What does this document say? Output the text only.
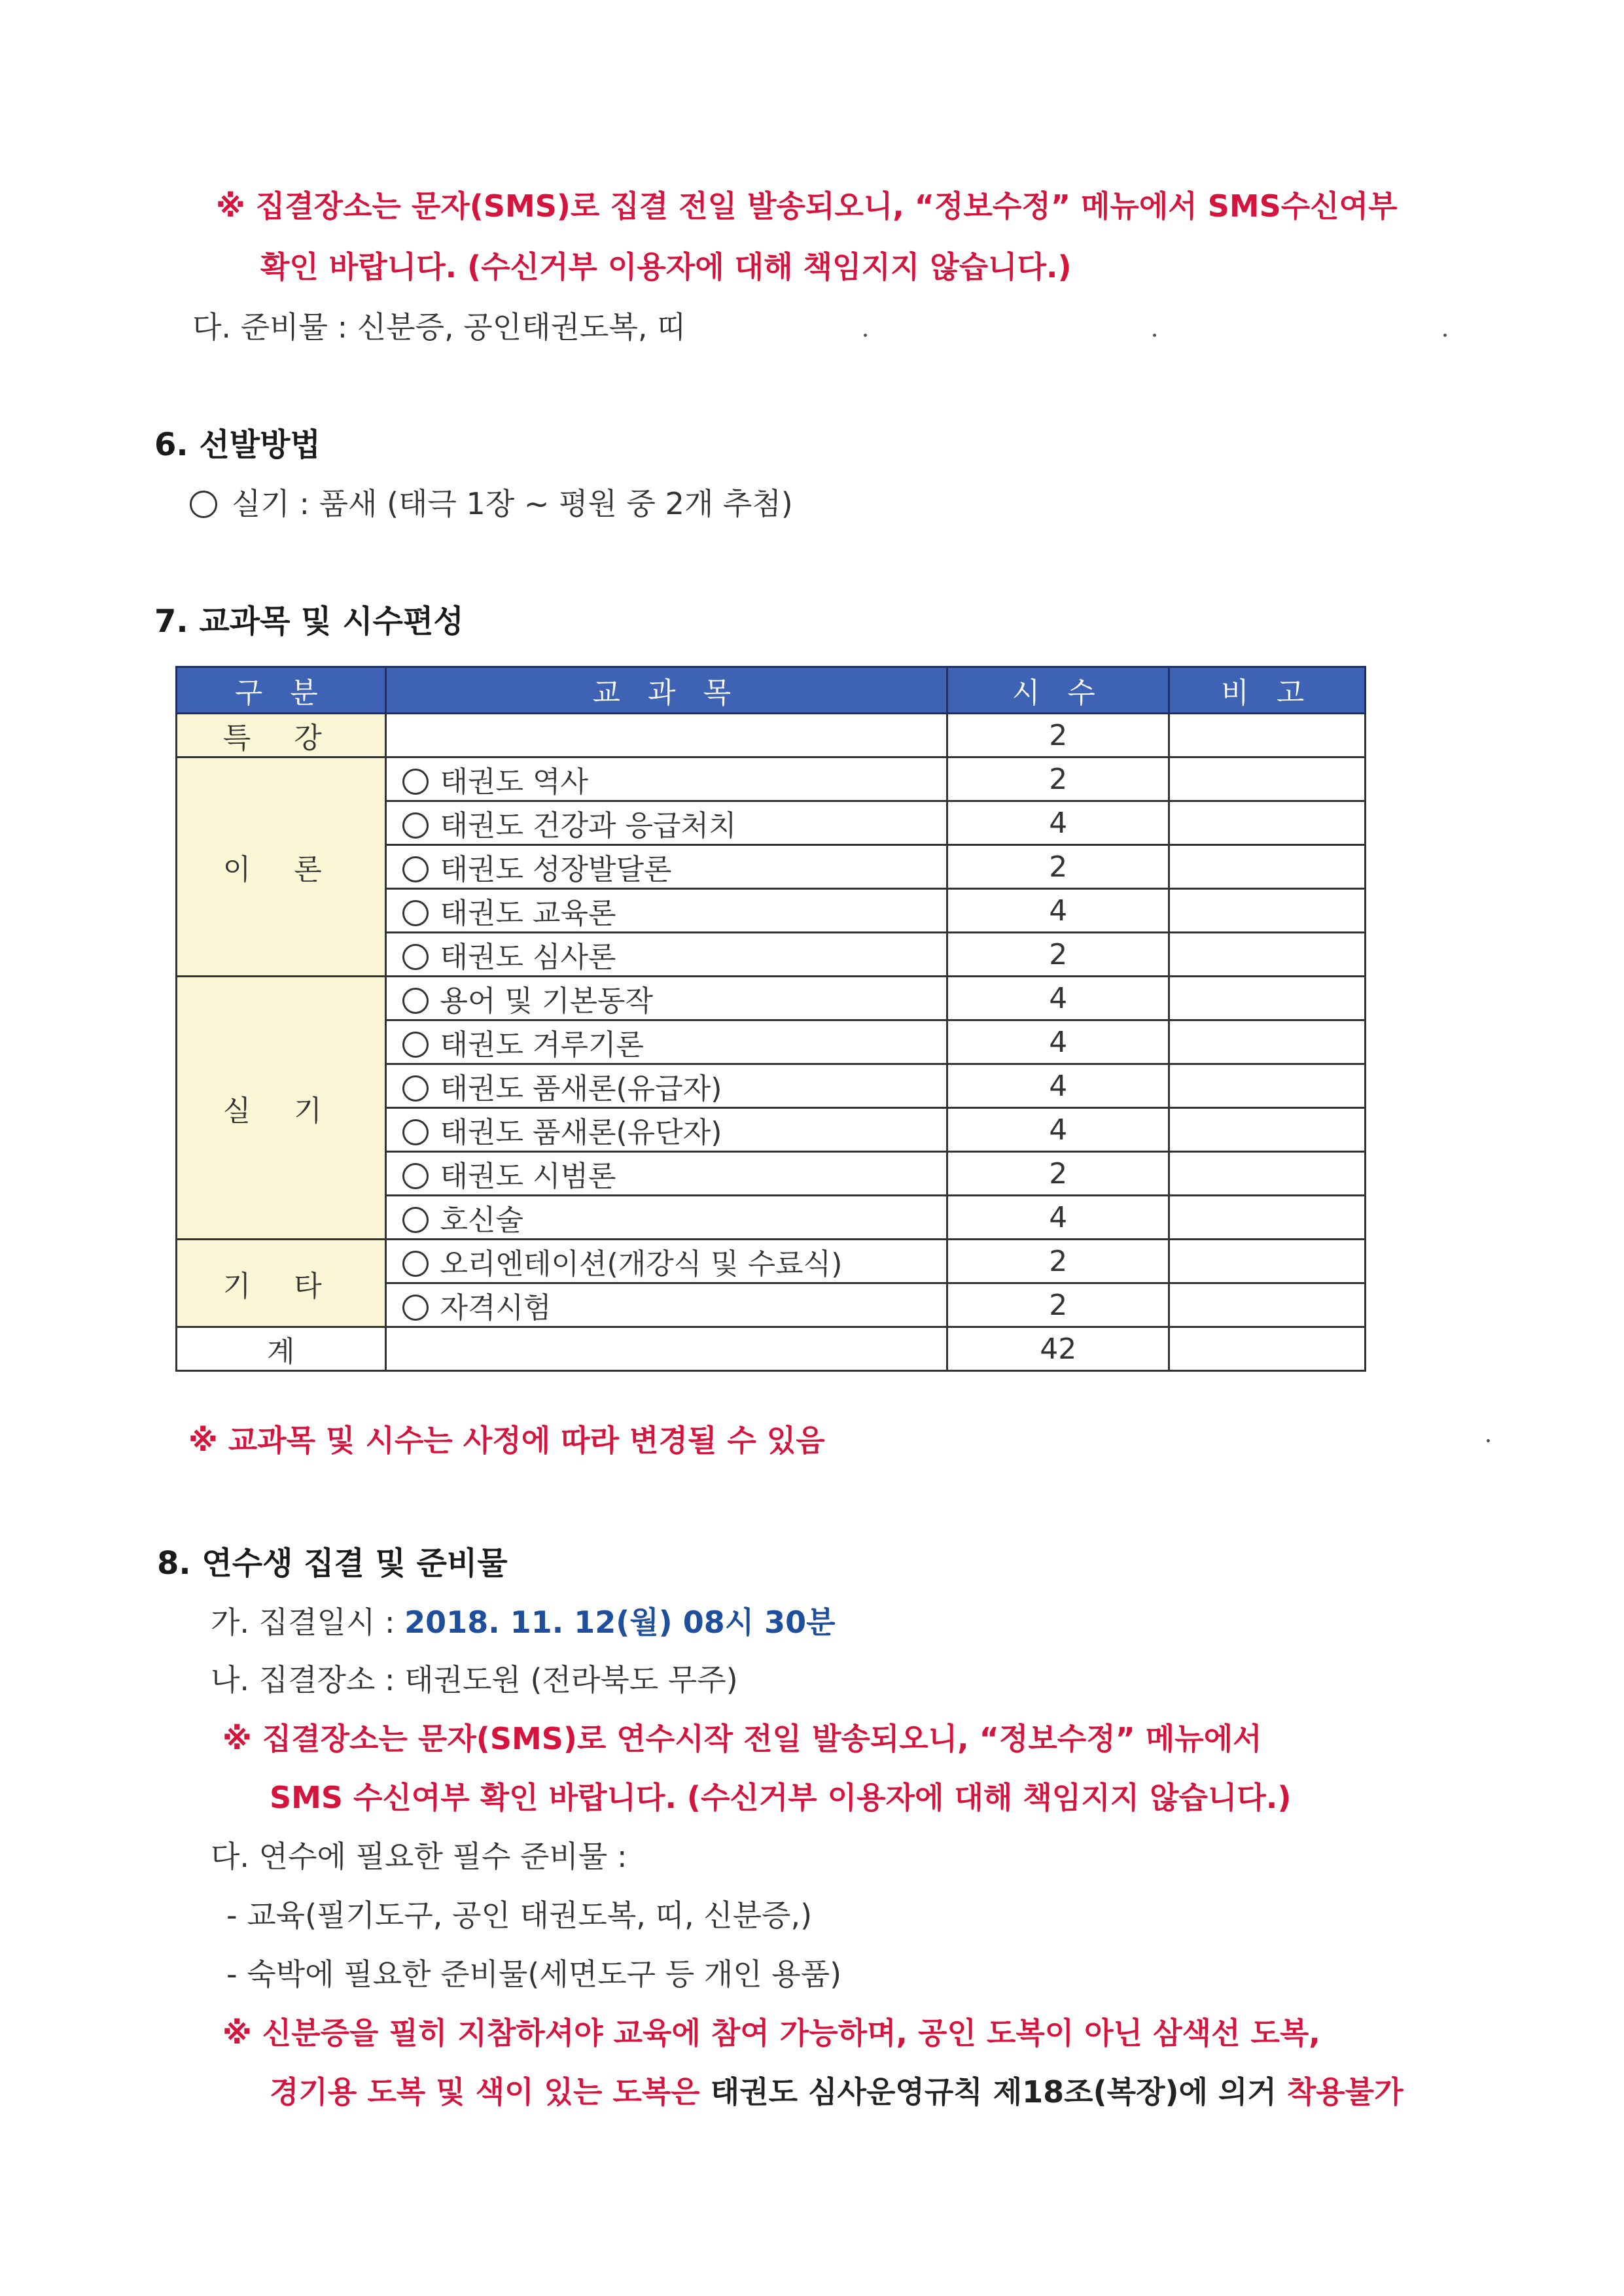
※ 집결장소는 문자(SMS)로 집결 전일 발송되오니, “정보수정” 메뉴에서 SMS수신여부
확인 바랍니다. (수신거부 이용자에 대해 책임지지 않습니다.)
다. 준비물 : 신분증, 공인태권도복, 띠
6. 선발방법
실기 : 품새 (태극 1장 ~ 평원 중 2개 추첨)
7. 교과목 및 시수편성
구 분	교 과 목	시 수	비 고
특 강		2	
이 론	태권도 역사	2	
	태권도 건강과 응급처치	4	
	태권도 성장발달론	2	
	태권도 교육론	4	
	태권도 심사론	2	
실 기	용어 및 기본동작	4	
	태권도 겨루기론	4	
	태권도 품새론(유급자)	4	
	태권도 품새론(유단자)	4	
	태권도 시범론	2	
	호신술	4	
기 타	오리엔테이션(개강식 및 수료식)	2	
	자격시험	2	
계		42	
※ 교과목 및 시수는 사정에 따라 변경될 수 있음
8. 연수생 집결 및 준비물
가. 집결일시 : 2018. 11. 12(월) 08시 30분
나. 집결장소 : 태권도원 (전라북도 무주)
※ 집결장소는 문자(SMS)로 연수시작 전일 발송되오니, “정보수정” 메뉴에서
SMS 수신여부 확인 바랍니다. (수신거부 이용자에 대해 책임지지 않습니다.)
다. 연수에 필요한 필수 준비물 :
- 교육(필기도구, 공인 태권도복, 띠, 신분증,)
- 숙박에 필요한 준비물(세면도구 등 개인 용품)
※ 신분증을 필히 지참하셔야 교육에 참여 가능하며, 공인 도복이 아닌 삼색선 도복,
경기용 도복 및 색이 있는 도복은 태권도 심사운영규칙 제18조(복장)에 의거 착용불가
